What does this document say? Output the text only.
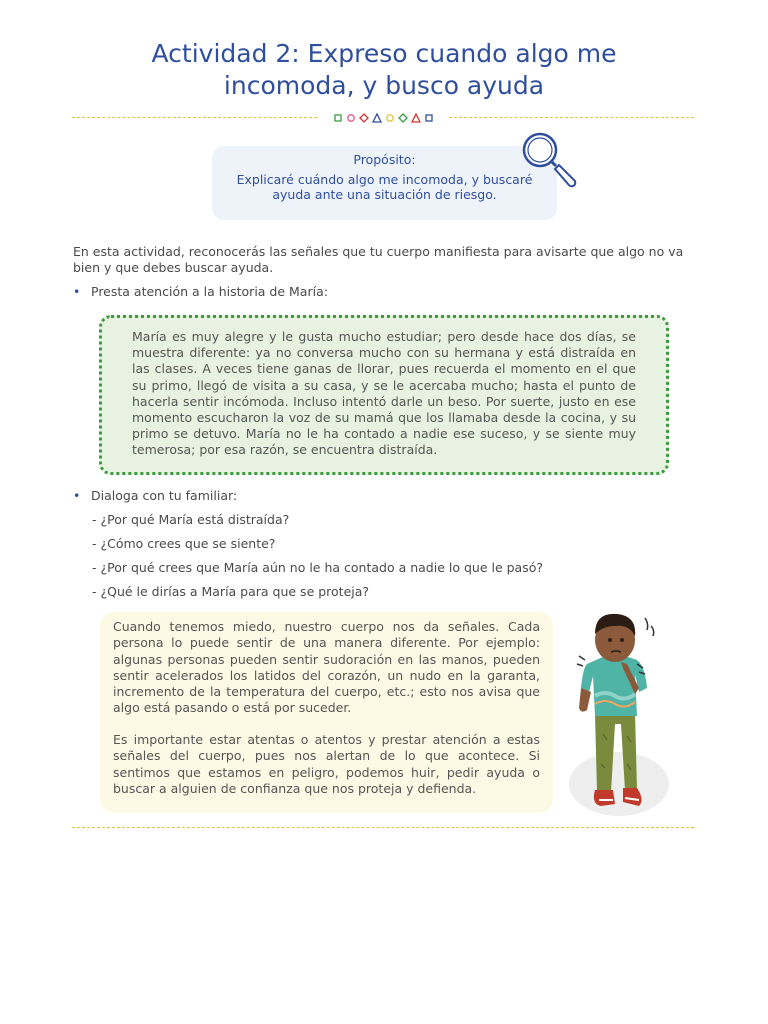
Actividad 2: Expreso cuando algo me
incomoda, y busco ayuda
Propósito:
Explicaré cuándo algo me incomoda, y buscaré ayuda ante una situación de riesgo.

En esta actividad, reconocerás las señales que tu cuerpo manifiesta para avisarte que algo no va bien y que debes buscar ayuda.

• Presta atención a la historia de María:

María es muy alegre y le gusta mucho estudiar; pero desde hace dos días, se muestra diferente: ya no conversa mucho con su hermana y está distraída en las clases. A veces tiene ganas de llorar, pues recuerda el momento en el que su primo, llegó de visita a su casa, y se le acercaba mucho; hasta el punto de hacerla sentir incómoda. Incluso intentó darle un beso. Por suerte, justo en ese momento escucharon la voz de su mamá que los llamaba desde la cocina, y su primo se detuvo. María no le ha contado a nadie ese suceso, y se siente muy temerosa; por esa razón, se encuentra distraída.

• Dialoga con tu familiar:
- ¿Por qué María está distraída?
- ¿Cómo crees que se siente?
- ¿Por qué crees que María aún no le ha contado a nadie lo que le pasó?
- ¿Qué le dirías a María para que se proteja?

Cuando tenemos miedo, nuestro cuerpo nos da señales. Cada persona lo puede sentir de una manera diferente. Por ejemplo: algunas personas pueden sentir sudoración en las manos, pueden sentir acelerados los latidos del corazón, un nudo en la garanta, incremento de la temperatura del cuerpo, etc.; esto nos avisa que algo está pasando o está por suceder.

Es importante estar atentas o atentos y prestar atención a estas señales del cuerpo, pues nos alertan de lo que acontece. Si sentimos que estamos en peligro, podemos huir, pedir ayuda o buscar a alguien de confianza que nos proteja y defienda.
